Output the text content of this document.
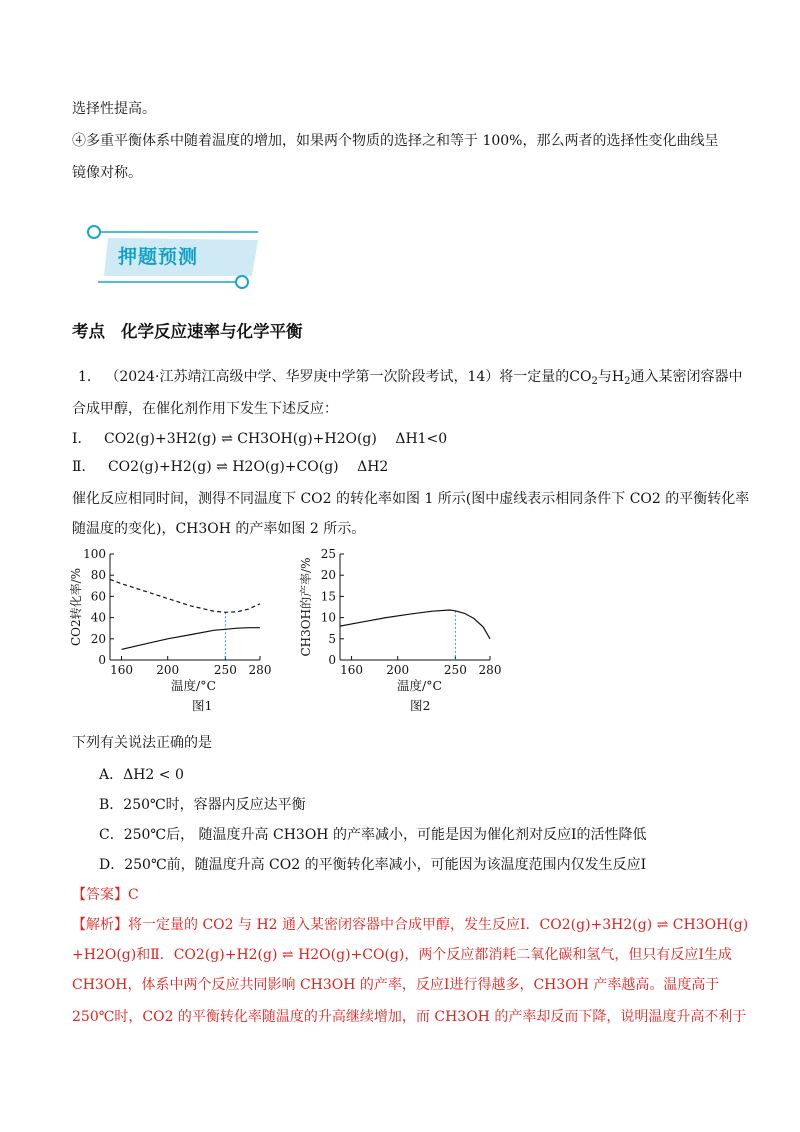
选择性提高。

④多重平衡体系中随着温度的增加，如果两个物质的选择之和等于 100%，那么两者的选择性变化曲线呈

镜像对称。

押题预测
考点 化学反应速率与化学平衡
1． （2024·江苏靖江高级中学、华罗庚中学第一次阶段考试，14）将一定量的$CO_2$与$H_2$通入某密闭容器中

合成甲醇，在催化剂作用下发生下述反应：

Ⅰ． CO2(g)+3H2(g) ⇌ CH3OH(g)+H2O(g) ΔH1<0
Ⅱ． CO2(g)+H2(g) ⇌ H2O(g)+CO(g) ΔH2

催化反应相同时间，测得不同温度下 CO2 的转化率如图 1 所示(图中虚线表示相同条件下 CO2 的平衡转化率

随温度的变化)，CH3OH 的产率如图 2 所示。

0
20
40
60
80
100
160 200	250 280
CO2转化率/%
温度/°C
图1
0
5
10
15
20
25
160 200	250 280
CH3OH的产率/%
温度/°C
图2

下列有关说法正确的是

A．ΔH2 < 0
B．250℃时，容器内反应达平衡
C．250℃后， 随温度升高 CH3OH 的产率减小，可能是因为催化剂对反应Ⅰ的活性降低
D．250℃前，随温度升高 CO2 的平衡转化率减小，可能因为该温度范围内仅发生反应Ⅰ

【答案】C

【解析】将一定量的 CO2 与 H2 通入某密闭容器中合成甲醇，发生反应Ⅰ．CO2(g)+3H2(g) ⇌ CH3OH(g)

+H2O(g)和Ⅱ．CO2(g)+H2(g) ⇌ H2O(g)+CO(g)，两个反应都消耗二氧化碳和氢气，但只有反应Ⅰ生成

CH3OH，体系中两个反应共同影响 CH3OH 的产率，反应Ⅰ进行得越多，CH3OH 产率越高。温度高于

250℃时，CO2 的平衡转化率随温度的升高继续增加，而 CH3OH 的产率却反而下降，说明温度升高不利于
